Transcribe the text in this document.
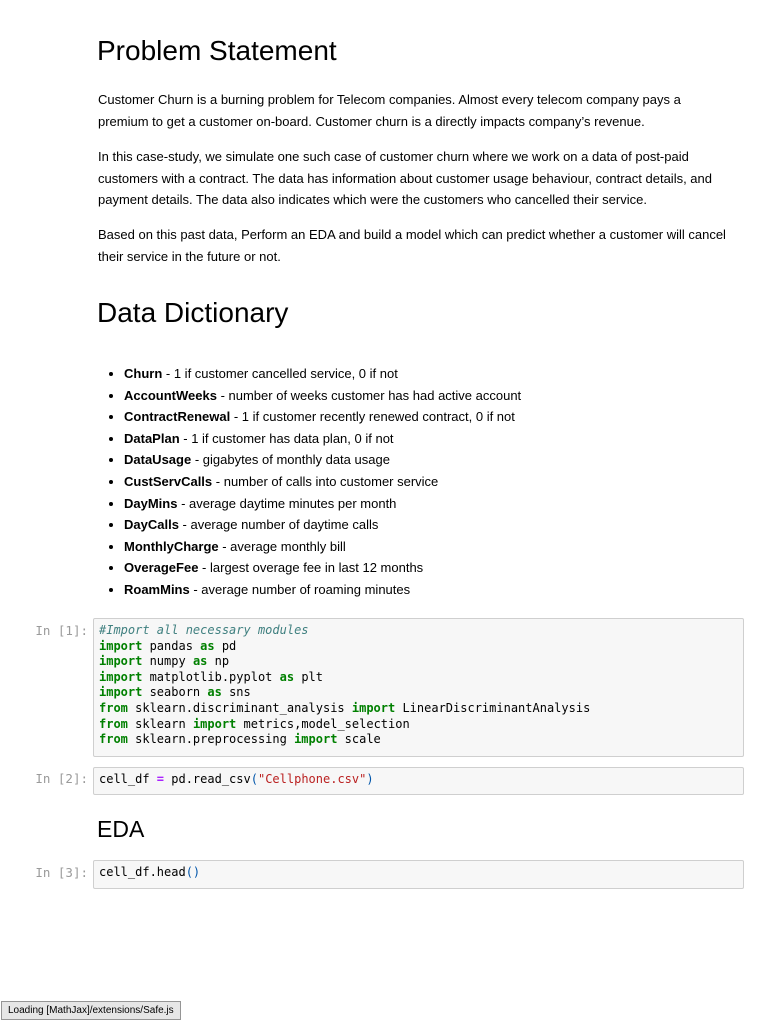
Problem Statement

Customer Churn is a burning problem for Telecom companies. Almost every telecom company pays a premium to get a customer on-board. Customer churn is a directly impacts company’s revenue.

In this case-study, we simulate one such case of customer churn where we work on a data of post-paid customers with a contract. The data has information about customer usage behaviour, contract details, and payment details. The data also indicates which were the customers who cancelled their service.

Based on this past data, Perform an EDA and build a model which can predict whether a customer will cancel their service in the future or not.

Data Dictionary
• Churn - 1 if customer cancelled service, 0 if not
• AccountWeeks - number of weeks customer has had active account
• ContractRenewal - 1 if customer recently renewed contract, 0 if not
• DataPlan - 1 if customer has data plan, 0 if not
• DataUsage - gigabytes of monthly data usage
• CustServCalls - number of calls into customer service
• DayMins - average daytime minutes per month
• DayCalls - average number of daytime calls
• MonthlyCharge - average monthly bill
• OverageFee - largest overage fee in last 12 months
• RoamMins - average number of roaming minutes
In [1]: #Import all necessary modules
import pandas as pd
import numpy as np
import matplotlib.pyplot as plt
import seaborn as sns
from sklearn.discriminant_analysis import LinearDiscriminantAnalysis
from sklearn import metrics,model_selection
from sklearn.preprocessing import scale
In [2]: cell_df = pd.read_csv("Cellphone.csv")
EDA
In [3]: cell_df.head()
Loading [MathJax]/extensions/Safe.js
